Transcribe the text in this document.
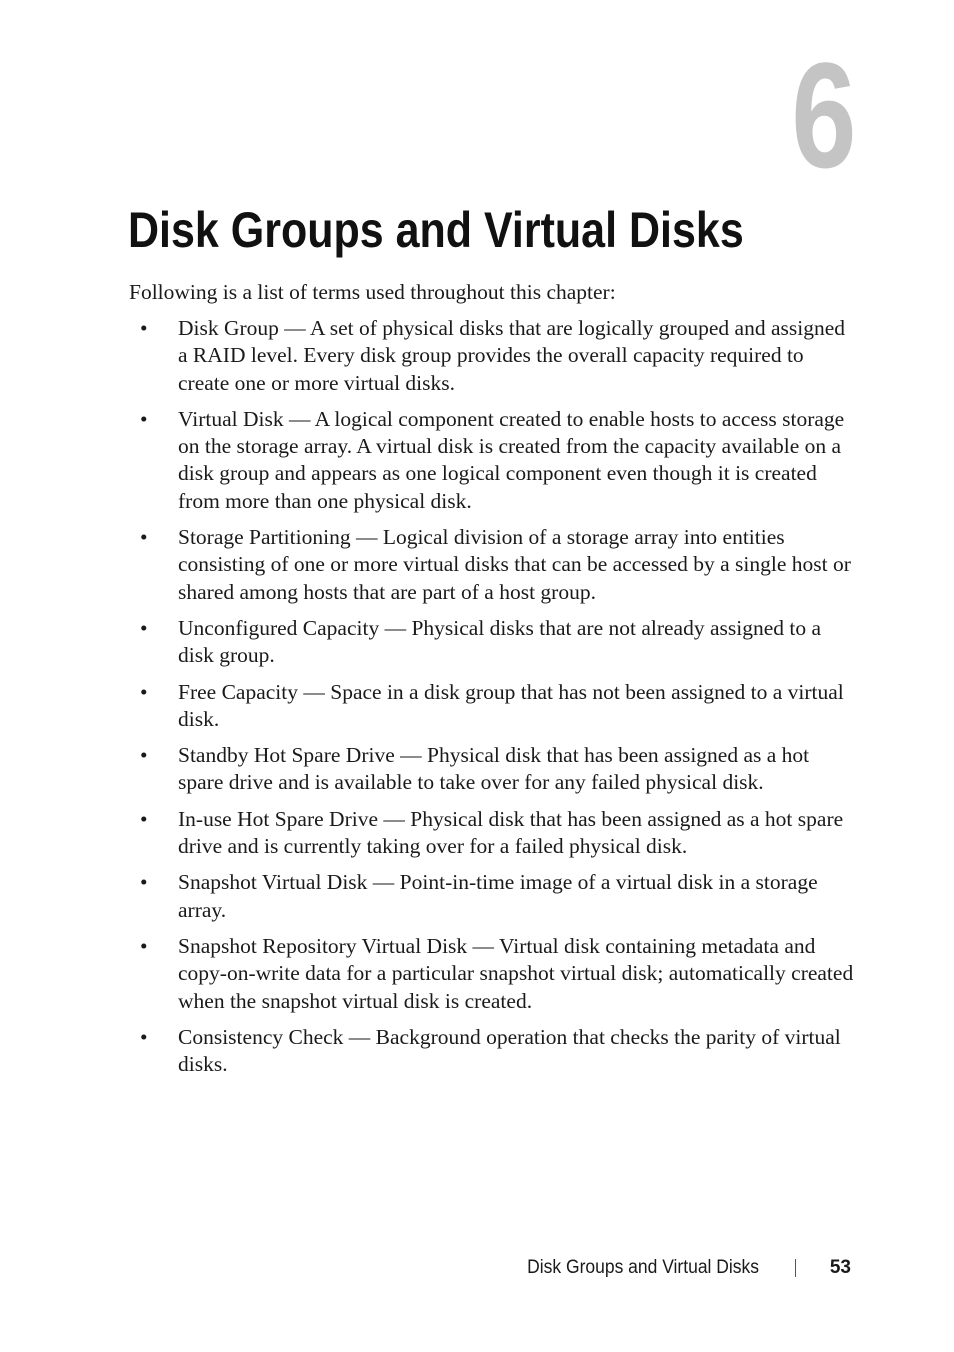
6
Disk Groups and Virtual Disks

Following is a list of terms used throughout this chapter:

• Disk Group — A set of physical disks that are logically grouped and assigned a RAID level. Every disk group provides the overall capacity required to create one or more virtual disks.
• Virtual Disk — A logical component created to enable hosts to access storage on the storage array. A virtual disk is created from the capacity available on a disk group and appears as one logical component even though it is created from more than one physical disk.
• Storage Partitioning — Logical division of a storage array into entities consisting of one or more virtual disks that can be accessed by a single host or shared among hosts that are part of a host group.
• Unconfigured Capacity — Physical disks that are not already assigned to a disk group.
• Free Capacity — Space in a disk group that has not been assigned to a virtual disk.
• Standby Hot Spare Drive — Physical disk that has been assigned as a hot spare drive and is available to take over for any failed physical disk.
• In-use Hot Spare Drive — Physical disk that has been assigned as a hot spare drive and is currently taking over for a failed physical disk.
• Snapshot Virtual Disk — Point-in-time image of a virtual disk in a storage array.
• Snapshot Repository Virtual Disk — Virtual disk containing metadata and copy-on-write data for a particular snapshot virtual disk; automatically created when the snapshot virtual disk is created.
• Consistency Check — Background operation that checks the parity of virtual disks.
Disk Groups and Virtual Disks	53
